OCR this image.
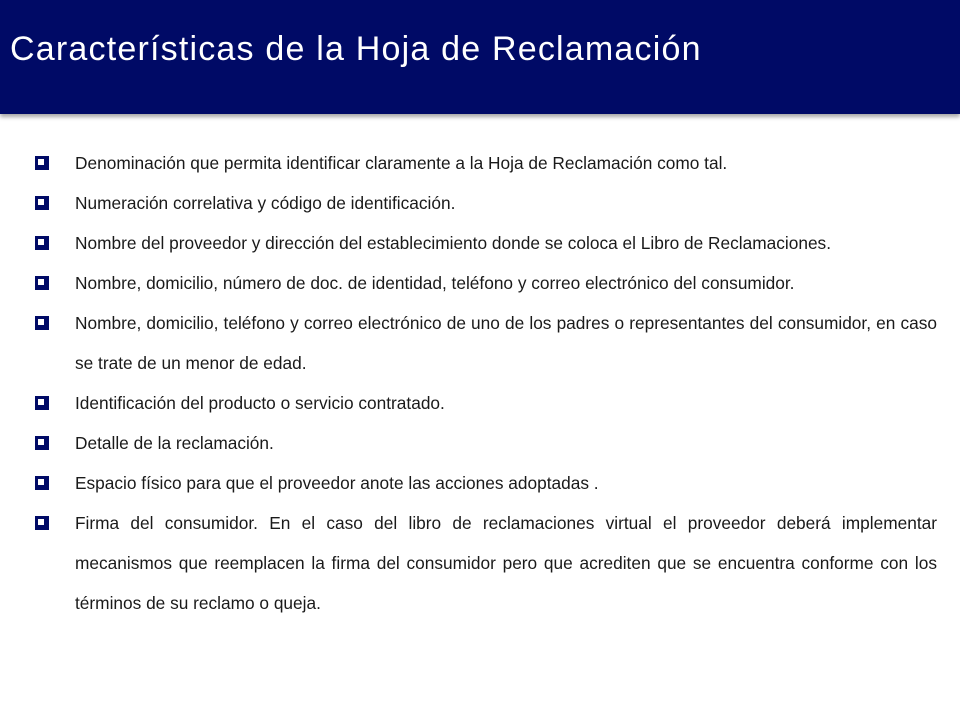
Características de la Hoja de Reclamación
Denominación que permita identificar claramente a la Hoja de Reclamación como tal.
Numeración correlativa y código de identificación.
Nombre del proveedor y dirección del establecimiento donde se coloca el Libro de Reclamaciones.
Nombre, domicilio, número de doc. de identidad, teléfono y correo electrónico del consumidor.
Nombre, domicilio, teléfono y correo electrónico de uno de los padres o representantes del consumidor, en caso se trate de un menor de edad.
Identificación del producto o servicio contratado.
Detalle de la reclamación.
Espacio físico para que el proveedor anote las acciones adoptadas .
Firma del consumidor. En el caso del libro de reclamaciones virtual el proveedor deberá implementar mecanismos que reemplacen la firma del consumidor pero que acrediten que se encuentra conforme con los términos de su reclamo o queja.
